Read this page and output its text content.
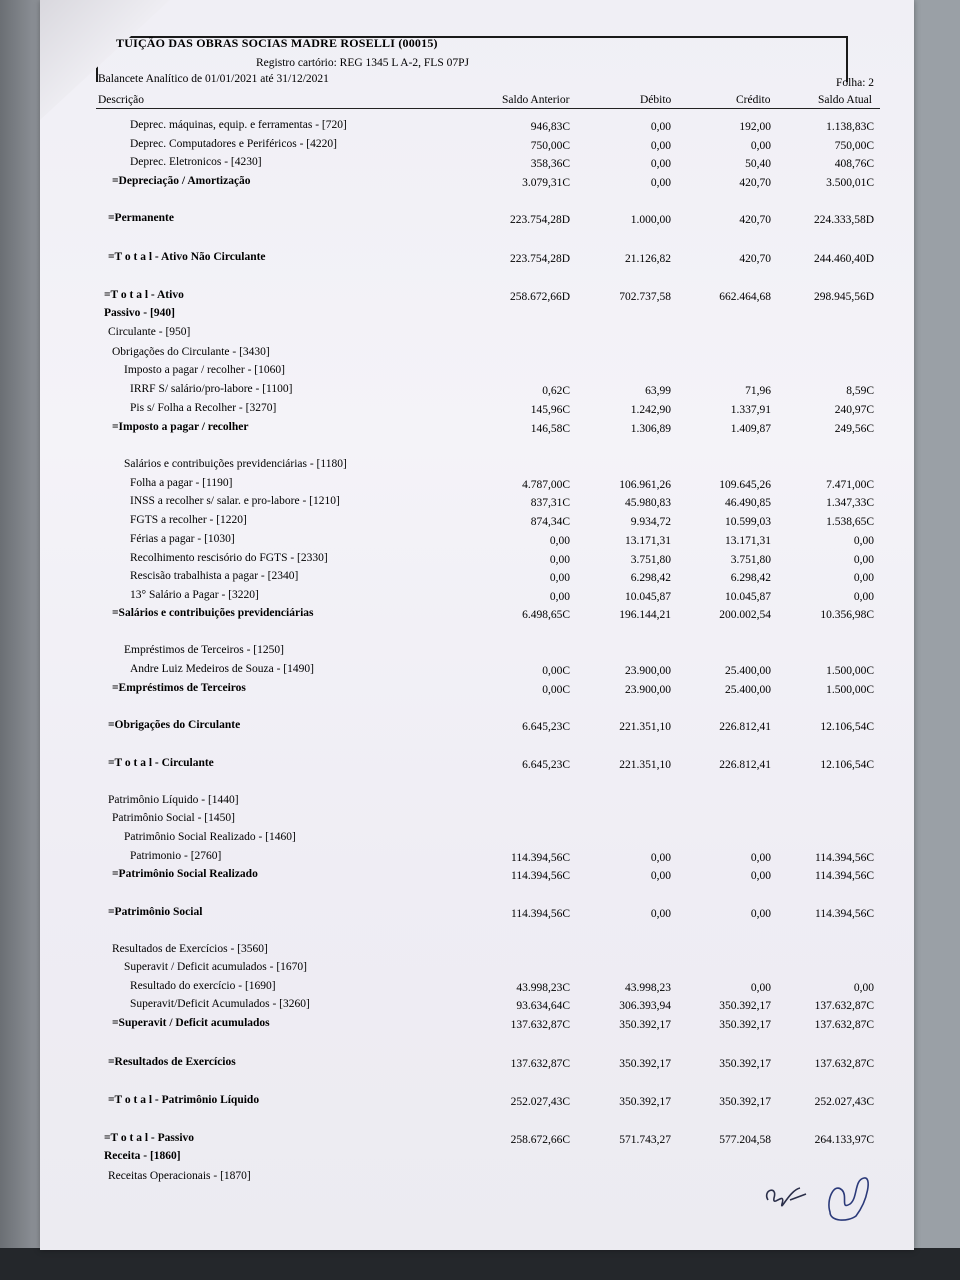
TUIÇÃO DAS OBRAS SOCIAS MADRE ROSELLI (00015)
Registro cartório: REG 1345 L A-2, FLS 07PJ
Balancete Analítico de 01/01/2021 até 31/12/2021	Folha: 2
Descrição	Saldo Anterior	Débito	Crédito	Saldo Atual
Deprec. máquinas, equip. e ferramentas - [720]	946,83C	0,00	192,00	1.138,83C
Deprec. Computadores e Periféricos - [4220]	750,00C	0,00	0,00	750,00C
Deprec. Eletronicos - [4230]	358,36C	0,00	50,40	408,76C
=Depreciação / Amortização	3.079,31C	0,00	420,70	3.500,01C
=Permanente	223.754,28D	1.000,00	420,70	224.333,58D
=T o t a l - Ativo Não Circulante	223.754,28D	21.126,82	420,70	244.460,40D
=T o t a l - Ativo	258.672,66D	702.737,58	662.464,68	298.945,56D
Passivo - [940]
Circulante - [950]
Obrigações do Circulante - [3430]
Imposto a pagar / recolher - [1060]
IRRF S/ salário/pro-labore - [1100]	0,62C	63,99	71,96	8,59C
Pis s/ Folha a Recolher - [3270]	145,96C	1.242,90	1.337,91	240,97C
=Imposto a pagar / recolher	146,58C	1.306,89	1.409,87	249,56C
Salários e contribuições previdenciárias - [1180]
Folha a pagar - [1190]	4.787,00C	106.961,26	109.645,26	7.471,00C
INSS a recolher s/ salar. e pro-labore - [1210]	837,31C	45.980,83	46.490,85	1.347,33C
FGTS a recolher - [1220]	874,34C	9.934,72	10.599,03	1.538,65C
Férias a pagar - [1030]	0,00	13.171,31	13.171,31	0,00
Recolhimento rescisório do FGTS - [2330]	0,00	3.751,80	3.751,80	0,00
Rescisão trabalhista a pagar - [2340]	0,00	6.298,42	6.298,42	0,00
13° Salário a Pagar - [3220]	0,00	10.045,87	10.045,87	0,00
=Salários e contribuições previdenciárias	6.498,65C	196.144,21	200.002,54	10.356,98C
Empréstimos de Terceiros - [1250]
Andre Luiz Medeiros de Souza - [1490]	0,00C	23.900,00	25.400,00	1.500,00C
=Empréstimos de Terceiros	0,00C	23.900,00	25.400,00	1.500,00C
=Obrigações do Circulante	6.645,23C	221.351,10	226.812,41	12.106,54C
=T o t a l - Circulante	6.645,23C	221.351,10	226.812,41	12.106,54C
Patrimônio Líquido - [1440]
Patrimônio Social - [1450]
Patrimônio Social Realizado - [1460]
Patrimonio - [2760]	114.394,56C	0,00	0,00	114.394,56C
=Patrimônio Social Realizado	114.394,56C	0,00	0,00	114.394,56C
=Patrimônio Social	114.394,56C	0,00	0,00	114.394,56C
Resultados de Exercícios - [3560]
Superavit / Deficit acumulados - [1670]
Resultado do exercício - [1690]	43.998,23C	43.998,23	0,00	0,00
Superavit/Deficit Acumulados - [3260]	93.634,64C	306.393,94	350.392,17	137.632,87C
=Superavit / Deficit acumulados	137.632,87C	350.392,17	350.392,17	137.632,87C
=Resultados de Exercícios	137.632,87C	350.392,17	350.392,17	137.632,87C
=T o t a l - Patrimônio Líquido	252.027,43C	350.392,17	350.392,17	252.027,43C
=T o t a l - Passivo	258.672,66C	571.743,27	577.204,58	264.133,97C
Receita - [1860]
Receitas Operacionais - [1870]
